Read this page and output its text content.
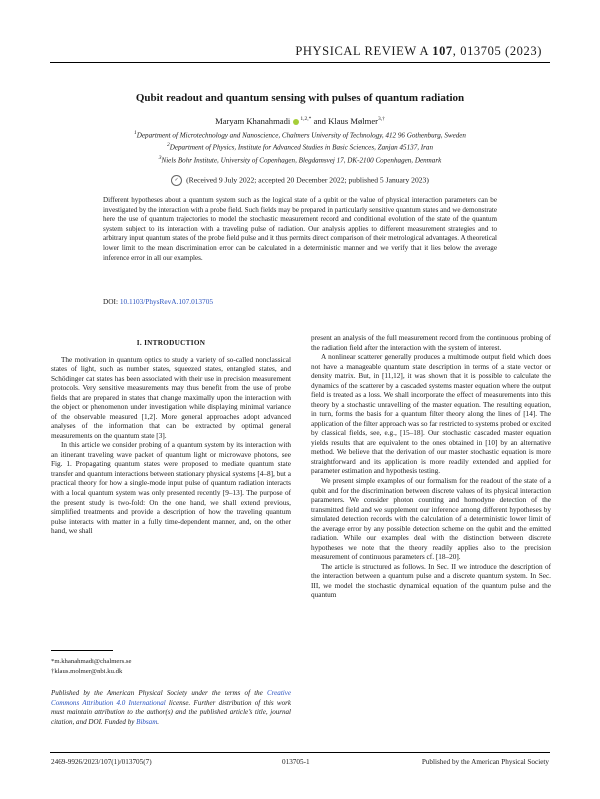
PHYSICAL REVIEW A 107, 013705 (2023)
Qubit readout and quantum sensing with pulses of quantum radiation
Maryam Khanahmadi $^{1,2,*}$ and Klaus Mølmer$^{3,\dagger}$
$^1$Department of Microtechnology and Nanoscience, Chalmers University of Technology, 412 96 Gothenburg, Sweden
$^2$Department of Physics, Institute for Advanced Studies in Basic Sciences, Zanjan 45137, Iran
$^3$Niels Bohr Institute, University of Copenhagen, Blegdamsvej 17, DK-2100 Copenhagen, Denmark
✓ (Received 9 July 2022; accepted 20 December 2022; published 5 January 2023)
Different hypotheses about a quantum system such as the logical state of a qubit or the value of physical interaction parameters can be investigated by the interaction with a probe field. Such fields may be prepared in particularly sensitive quantum states and we demonstrate here the use of quantum trajectories to model the stochastic measurement record and conditional evolution of the state of the quantum system subject to its interaction with a traveling pulse of radiation. Our analysis applies to different measurement strategies and to arbitrary input quantum states of the probe field pulse and it thus permits direct comparison of their metrological advantages. A theoretical lower limit to the mean discrimination error can be calculated in a deterministic manner and we verify that it lies below the average inference error in all our examples.
DOI: 10.1103/PhysRevA.107.013705
I. INTRODUCTION

The motivation in quantum optics to study a variety of so-called nonclassical states of light, such as number states, squeezed states, entangled states, and Schödinger cat states has been associated with their use in precision measurement protocols. Very sensitive measurements may thus benefit from the use of probe fields that are prepared in states that change maximally upon the interaction with the object or phenomenon under investigation while displaying minimal variance of the observable measured [1,2]. More general approaches adopt advanced analyses of the information that can be extracted by optimal general measurements on the quantum state [3].

In this article we consider probing of a quantum system by its interaction with an itinerant traveling wave packet of quantum light or microwave photons, see Fig. 1. Propagating quantum states were proposed to mediate quantum state transfer and quantum interactions between stationary physical systems [4–8], but a practical theory for how a single-mode input pulse of quantum radiation interacts with a local quantum system was only presented recently [9–13]. The purpose of the present study is two-fold: On the one hand, we shall extend previous, simplified treatments and provide a description of how the traveling quantum pulse interacts with matter in a fully time-dependent manner, and, on the other hand, we shall

present an analysis of the full measurement record from the continuous probing of the radiation field after the interaction with the system of interest.

A nonlinear scatterer generally produces a multimode output field which does not have a manageable quantum state description in terms of a state vector or density matrix. But, in [11,12], it was shown that it is possible to calculate the dynamics of the scatterer by a cascaded systems master equation where the output field is treated as a loss. We shall incorporate the effect of measurements into this theory by a stochastic unravelling of the master equation. The resulting equation, in turn, forms the basis for a quantum filter theory along the lines of [14]. The application of the filter approach was so far restricted to systems probed or excited by classical fields, see, e.g., [15–18]. Our stochastic cascaded master equation yields results that are equivalent to the ones obtained in [10] by an alternative method. We believe that the derivation of our master stochastic equation is more straightforward and its application is more readily extended and applied for parameter estimation and hypothesis testing.

We present simple examples of our formalism for the readout of the state of a qubit and for the discrimination between discrete values of its physical interaction parameters. We consider photon counting and homodyne detection of the transmitted field and we supplement our inference among different hypotheses by simulated detection records with the calculation of a deterministic lower limit of the average error by any possible detection scheme on the qubit and the emitted radiation. While our examples deal with the distinction between discrete hypotheses we note that the theory readily applies also to the precision measurement of continuous parameters cf. [18–20].

The article is structured as follows. In Sec. II we introduce the description of the interaction between a quantum pulse and a discrete quantum system. In Sec. III, we model the stochastic dynamical equation of the quantum pulse and the quantum

*m.khanahmadi@chalmers.se
†klaus.molmer@nbi.ku.dk
Published by the American Physical Society under the terms of the Creative Commons Attribution 4.0 International license. Further distribution of this work must maintain attribution to the author(s) and the published article’s title, journal citation, and DOI. Funded by Bibsam.
2469-9926/2023/107(1)/013705(7)	013705-1	Published by the American Physical Society
